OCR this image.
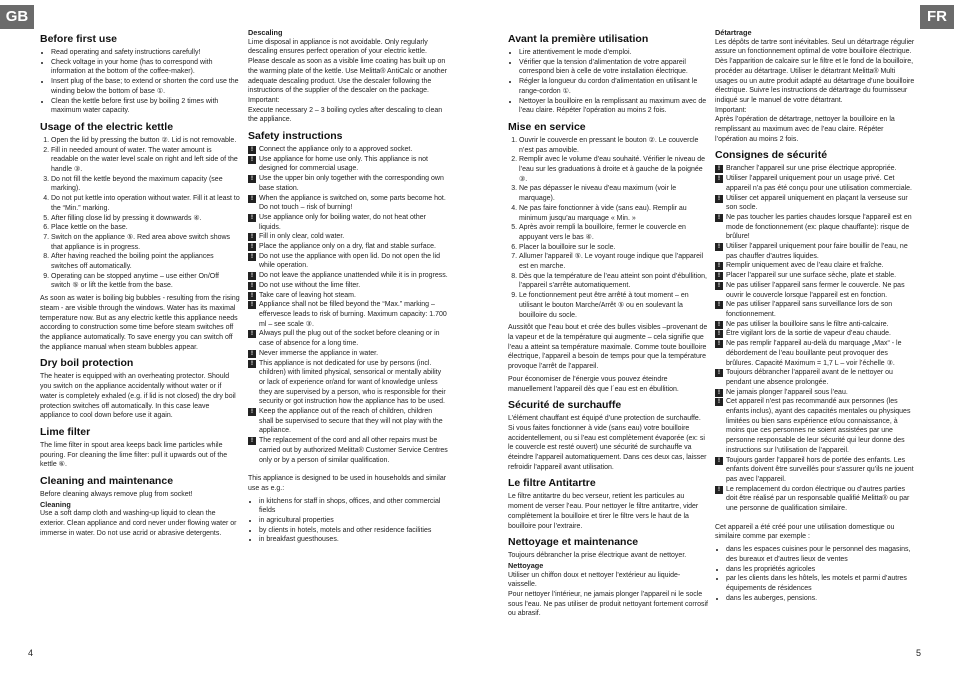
GB	FR
Before first use
• Read operating and safety instructions carefully!
• Check voltage in your home (has to correspond with information at the bottom of the coffee-maker).
• Insert plug of the base; to extend or shorten the cord use the winding below the bottom of base ①.
• Clean the kettle before first use by boiling 2 times with maximum water capacity.
Usage of the electric kettle
1. Open the lid by pressing the button ②. Lid is not removable.
2. Fill in needed amount of water. The water amount is readable on the water level scale on right and left side of the handle ③.
3. Do not fill the kettle beyond the maximum capacity (see marking).
4. Do not put kettle into operation without water. Fill it at least to the “Min.” marking.
5. After filling close lid by pressing it downwards ④.
6. Place kettle on the base.
7. Switch on the appliance ⑤. Red area above switch shows that appliance is in progress.
8. After having reached the boiling point the appliances switches off automatically.
9. Operating can be stopped anytime – use either On/Off switch ⑤ or lift the kettle from the base.

As soon as water is boiling big bubbles - resulting from the rising steam - are visible through the windows. Water has its maximal temperature now. But as any electric kettle this appliance needs according to construction some time before steam switches off the appliance automatically. To save energy you can switch off the appliance manual when steam bubbles appear.

Dry boil protection

The heater is equipped with an overheating protector. Should you switch on the appliance accidentally without water or if water is completely exhaled (e.g. if lid is not closed) the dry boil protection switches off automatically. In this case leave appliance to cool down before use it again.

Lime filter

The lime filter in spout area keeps back lime particles while pouring. For cleaning the lime filter: pull it upwards out of the kettle ⑥.

Cleaning and maintenance
Before cleaning always remove plug from socket!
Cleaning

Use a soft damp cloth and washing-up liquid to clean the exterior. Clean appliance and cord never under flowing water or immerse in water. Do not use acrid or abrasive detergents.

Descaling
Lime disposal in appliance is not avoidable. Only regularly descaling ensures perfect operation of your electric kettle. Please descale as soon as a visible lime coating has built up on the warming plate of the kettle. Use Melitta® AntiCalc or another adequate descaling product. Use the descaler following the instructions of the supplier of the descaler on the package.
Important:

Execute necessary 2 – 3 boiling cycles after descaling to clean the appliance.

Safety instructions
! Connect the appliance only to a approved socket.
! Use appliance for home use only. This appliance is not designed for commercial usage.
! Use the upper bin only together with the corresponding own base station.
! When the appliance is switched on, some parts become hot. Do not touch – risk of burning!
! Use appliance only for boiling water, do not heat other liquids.
! Fill in only clear, cold water.
! Place the appliance only on a dry, flat and stable surface.
! Do not use the appliance with open lid. Do not open the lid while operation.
! Do not leave the appliance unattended while it is in progress.
! Do not use without the lime filter.
! Take care of leaving hot steam.
! Appliance shall not be filled beyond the “Max.” marking – effervesce leads to risk of burning. Maximum capacity: 1.700 ml – see scale ③.
! Always pull the plug out of the socket before cleaning or in case of absence for a long time.
! Never immerse the appliance in water.
! This appliance is not dedicated for use by persons (incl. children) with limited physical, sensorical or mentally ability or lack of experience or/and for want of knowledge unless they are supervised by a person, who is responsible for their security or got instruction how the appliance has to be used.
! Keep the appliance out of the reach of children, children shall be supervised to secure that they will not play with the appliance.
! The replacement of the cord and all other repairs must be carried out by authorized Melitta® Customer Service Centres only or by a person of similar qualification.

This appliance is designed to be used in households and similar use as e.g.:

• in kitchens for staff in shops, offices, and other commercial fields
• in agricultural properties
• by clients in hotels, motels and other residence facilities
• in breakfast guesthouses.
Avant la première utilisation
• Lire attentivement le mode d’emploi.
• Vérifier que la tension d’alimentation de votre appareil correspond bien à celle de votre installation électrique.
• Régler la longueur du cordon d’alimentation en utilisant le range-cordon ①.
• Nettoyer la bouilloire en la remplissant au maximum avec de l’eau claire. Répéter l’opération au moins 2 fois.
Mise en service
1. Ouvrir le couvercle en pressant le bouton ②. Le couvercle n’est pas amovible.
2. Remplir avec le volume d’eau souhaité. Vérifier le niveau de l’eau sur les graduations à droite et à gauche de la poignée ③.
3. Ne pas dépasser le niveau d’eau maximum (voir le marquage).
4. Ne pas faire fonctionner à vide (sans eau). Remplir au minimum jusqu’au marquage « Min. »
5. Après avoir rempli la bouilloire, fermer le couvercle en appuyant vers le bas ④.
6. Placer la bouilloire sur le socle.
7. Allumer l’appareil ⑤. Le voyant rouge indique que l’appareil est en marche.
8. Dès que la température de l’eau atteint son point d’ébullition, l’appareil s’arrête automatiquement.
9. Le fonctionnement peut être arrêté à tout moment – en utilisant le bouton Marche/Arrêt ⑤ ou en soulevant la bouilloire du socle.

Aussitôt que l’eau bout et crée des bulles visibles –provenant de la vapeur et de la température qui augmente – cela signifie que l’eau a atteint sa température maximale. Comme toute bouilloire électrique, l’appareil a besoin de temps pour que la température provoque l’arrêt de l’appareil.

Pour économiser de l’énergie vous pouvez éteindre manuellement l’appareil dès que l´eau est en ébullition.

Sécurité de surchauffe

L’élément chauffant est équipé d’une protection de surchauffe. Si vous faites fonctionner à vide (sans eau) votre bouilloire accidentellement, ou si l’eau est complètement évaporée (ex: si le couvercle est resté ouvert) une sécurité de surchauffe va éteindre l’appareil automatiquement. Dans ces deux cas, laisser refroidir l’appareil avant utilisation.

Le filtre Antitartre

Le filtre antitartre du bec verseur, retient les particules au moment de verser l’eau. Pour nettoyer le filtre antitartre, vider complètement la bouilloire et tirer le filtre vers le haut de la bouilloire pour l’extraire.

Nettoyage et maintenance
Toujours débrancher la prise électrique avant de nettoyer.
Nettoyage
Utiliser un chiffon doux et nettoyer l’extérieur au liquide-vaisselle.

Pour nettoyer l’intérieur, ne jamais plonger l’appareil ni le socle sous l’eau. Ne pas utiliser de produit nettoyant fortement corrosif ou abrasif.

Détartrage
Les dépôts de tartre sont inévitables. Seul un détartrage régulier assure un fonctionnement optimal de votre bouilloire électrique. Dès l’apparition de calcaire sur le filtre et le fond de la bouilloire, procéder au détartrage. Utiliser le détartrant Melitta® Multi usages ou un autre produit adapté au détartrage d’une bouilloire électrique. Suivre les instructions de détartrage du fournisseur indiqué sur le manuel de votre détartrant.
Important:

Après l’opération de détartrage, nettoyer la bouilloire en la remplissant au maximum avec de l’eau claire. Répéter l’opération au moins 2 fois.

Consignes de sécurité
! Brancher l’appareil sur une prise électrique appropriée.
! Utiliser l’appareil uniquement pour un usage privé. Cet appareil n’a pas été conçu pour une utilisation commerciale.
! Utiliser cet appareil uniquement en plaçant la verseuse sur son socle.
! Ne pas toucher les parties chaudes lorsque l’appareil est en mode de fonctionnement (ex: plaque chauffante): risque de brûlure!
! Utiliser l’appareil uniquement pour faire bouillir de l’eau, ne pas chauffer d’autres liquides.
! Remplir uniquement avec de l’eau claire et fraîche.
! Placer l’appareil sur une surface sèche, plate et stable.
! Ne pas utiliser l’appareil sans fermer le couvercle. Ne pas ouvrir le couvercle lorsque l’appareil est en fonction.
! Ne pas utiliser l’appareil sans surveillance lors de son fonctionnement.
! Ne pas utiliser la bouilloire sans le filtre anti-calcaire.
! Être vigilant lors de la sortie de vapeur d’eau chaude.
! Ne pas remplir l’appareil au-delà du marquage „Max“ - le débordement de l’eau bouillante peut provoquer des brûlures. Capacité Maximum = 1,7 L – voir l’échelle ③.
! Toujours débrancher l’appareil avant de le nettoyer ou pendant une absence prolongée.
! Ne jamais plonger l’appareil sous l’eau.
! Cet appareil n’est pas recommandé aux personnes (les enfants inclus), ayant des capacités mentales ou physiques limitées ou bien sans expérience et/ou connaissance, à moins que ces personnes ne soient assistées par une personne responsable de leur sécurité qui leur donne des instructions sur l’utilisation de l’appareil.
! Toujours garder l’appareil hors de portée des enfants. Les enfants doivent être surveillés pour s’assurer qu’ils ne jouent pas avec l’appareil.
! Le remplacement du cordon électrique ou d’autres parties doit être réalisé par un responsable qualifié Melitta® ou par une personne de qualification similaire.

Cet appareil a été créé pour une utilisation domestique ou similaire comme par exemple :

• dans les espaces cuisines pour le personnel des magasins, des bureaux et d’autres lieux de ventes
• dans les propriétés agricoles
• par les clients dans les hôtels, les motels et parmi d’autres équipements de résidences
• dans les auberges, pensions.
4	5
